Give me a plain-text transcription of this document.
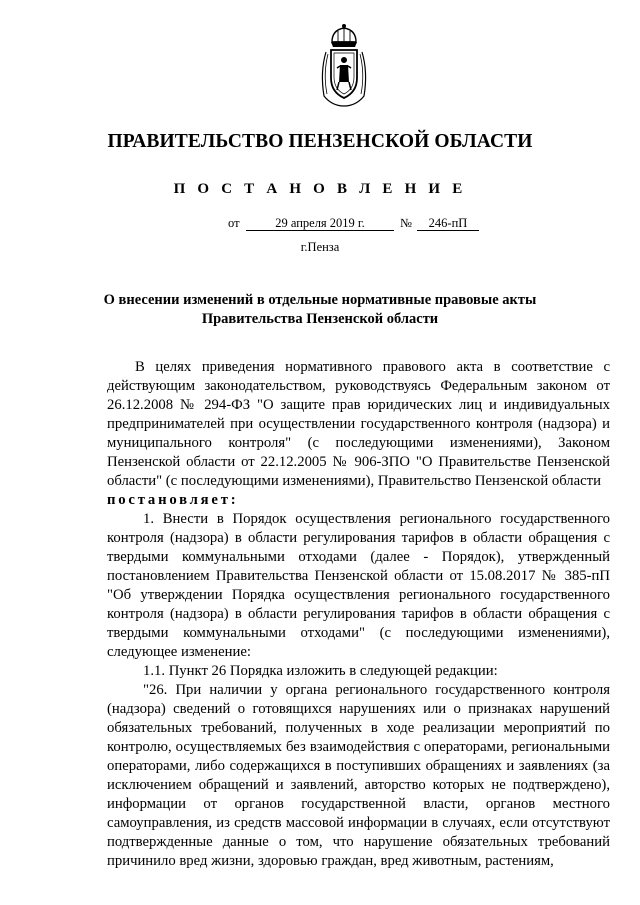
ПРАВИТЕЛЬСТВО ПЕНЗЕНСКОЙ ОБЛАСТИ
П О С Т А Н О В Л Е Н И Е
от	29 апреля 2019 г.	№	246-пП
г.Пенза
О внесении изменений в отдельные нормативные правовые акты
Правительства Пензенской области

В целях приведения нормативного правового акта в соответствие с действующим законодательством, руководствуясь Федеральным законом от 26.12.2008 № 294-ФЗ "О защите прав юридических лиц и индивидуальных предпринимателей при осуществлении государственного контроля (надзора) и муниципального контроля" (с последующими изменениями), Законом Пензенской области от 22.12.2005 № 906-ЗПО "О Правительстве Пензенской области" (с последующими изменениями), Правительство Пензенской области

постановляет:

1. Внести в Порядок осуществления регионального государственного контроля (надзора) в области регулирования тарифов в области обращения с твердыми коммунальными отходами (далее - Порядок), утвержденный постановлением Правительства Пензенской области от 15.08.2017 № 385-пП "Об утверждении Порядка осуществления регионального государственного контроля (надзора) в области регулирования тарифов в области обращения с твердыми коммунальными отходами" (с последующими изменениями), следующее изменение:

1.1. Пункт 26 Порядка изложить в следующей редакции:

"26. При наличии у органа регионального государственного контроля (надзора) сведений о готовящихся нарушениях или о признаках нарушений обязательных требований, полученных в ходе реализации мероприятий по контролю, осуществляемых без взаимодействия с операторами, региональными операторами, либо содержащихся в поступивших обращениях и заявлениях (за исключением обращений и заявлений, авторство которых не подтверждено), информации от органов государственной власти, органов местного самоуправления, из средств массовой информации в случаях, если отсутствуют подтвержденные данные о том, что нарушение обязательных требований причинило вред жизни, здоровью граждан, вред животным, растениям,
